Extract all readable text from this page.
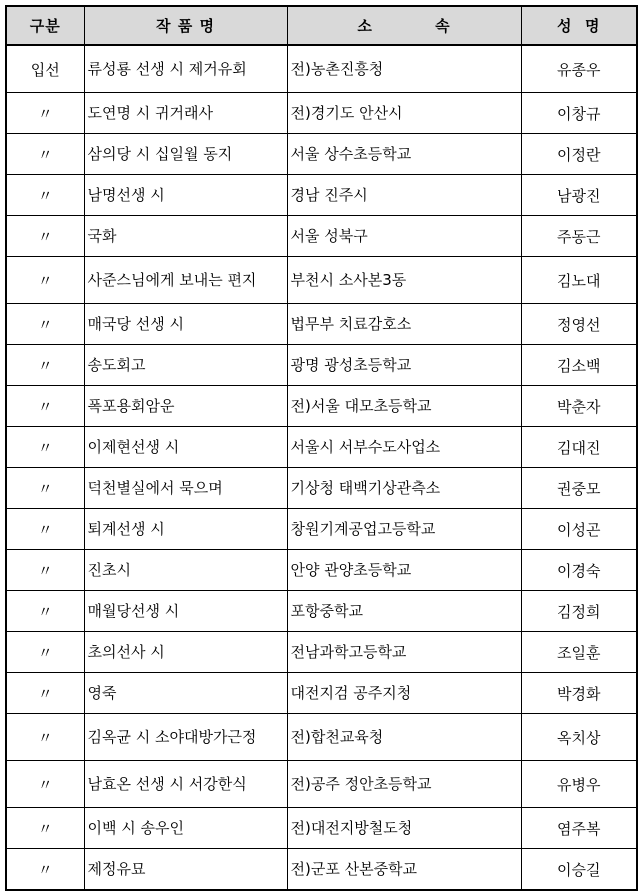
구분	작 품 명	소          속	성  명
입선	류성룡 선생 시 제거유회	전)농촌진흥청	유종우
〃	도연명 시 귀거래사	전)경기도 안산시	이창규
〃	삼의당 시 십일월 동지	서울 상수초등학교	이정란
〃	남명선생 시	경남 진주시	남광진
〃	국화	서울 성북구	주동근
〃	사준스님에게 보내는 편지	부천시 소사본3동	김노대
〃	매국당 선생 시	법무부 치료감호소	정영선
〃	송도회고	광명 광성초등학교	김소백
〃	폭포용회암운	전)서울 대모초등학교	박춘자
〃	이제현선생 시	서울시 서부수도사업소	김대진
〃	덕천별실에서 묵으며	기상청 태백기상관측소	권중모
〃	퇴계선생 시	창원기계공업고등학교	이성곤
〃	진초시	안양 관양초등학교	이경숙
〃	매월당선생 시	포항중학교	김정희
〃	초의선사 시	전남과학고등학교	조일훈
〃	영죽	대전지검 공주지청	박경화
〃	김옥균 시 소야대방가근정	전)합천교육청	옥치상
〃	남효온 선생 시 서강한식	전)공주 정안초등학교	유병우
〃	이백 시 송우인	전)대전지방철도청	염주복
〃	제정유묘	전)군포 산본중학교	이승길
